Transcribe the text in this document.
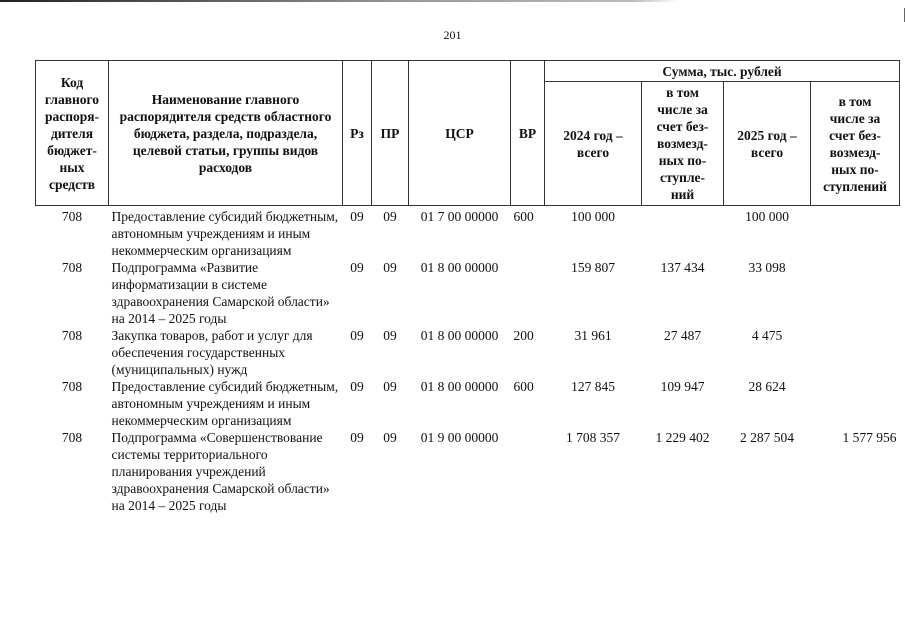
201
Код
главного
распоря-
дителя
бюджет-
ных
средств	Наименование главного распорядителя средств областного бюджета, раздела, подраздела, целевой статьи, группы видов расходов	Рз	ПР	ЦСР	ВР	Сумма, тыс. рублей
2024 год –
всего	в том
числе за
счет без-
возмезд-
ных по-
ступле-
ний	2025 год –
всего	в том
числе за
счет без-
возмезд-
ных по-
ступлений
708	Предоставление субсидий бюджетным, автономным учреждениям и иным некоммерческим организациям	09	09	01 7 00 00000	600	100 000		100 000	
708	Подпрограмма «Развитие информатизации в системе здравоохранения Самарской области» на 2014 – 2025 годы	09	09	01 8 00 00000		159 807	137 434	33 098	
708	Закупка товаров, работ и услуг для обеспечения государственных (муниципальных) нужд	09	09	01 8 00 00000	200	31 961	27 487	4 475	
708	Предоставление субсидий бюджетным, автономным учреждениям и иным некоммерческим организациям	09	09	01 8 00 00000	600	127 845	109 947	28 624	
708	Подпрограмма «Совершенствование системы территориального планирования учреждений здравоохранения Самарской области» на 2014 – 2025 годы	09	09	01 9 00 00000		1 708 357	1 229 402	2 287 504	1 577 956
